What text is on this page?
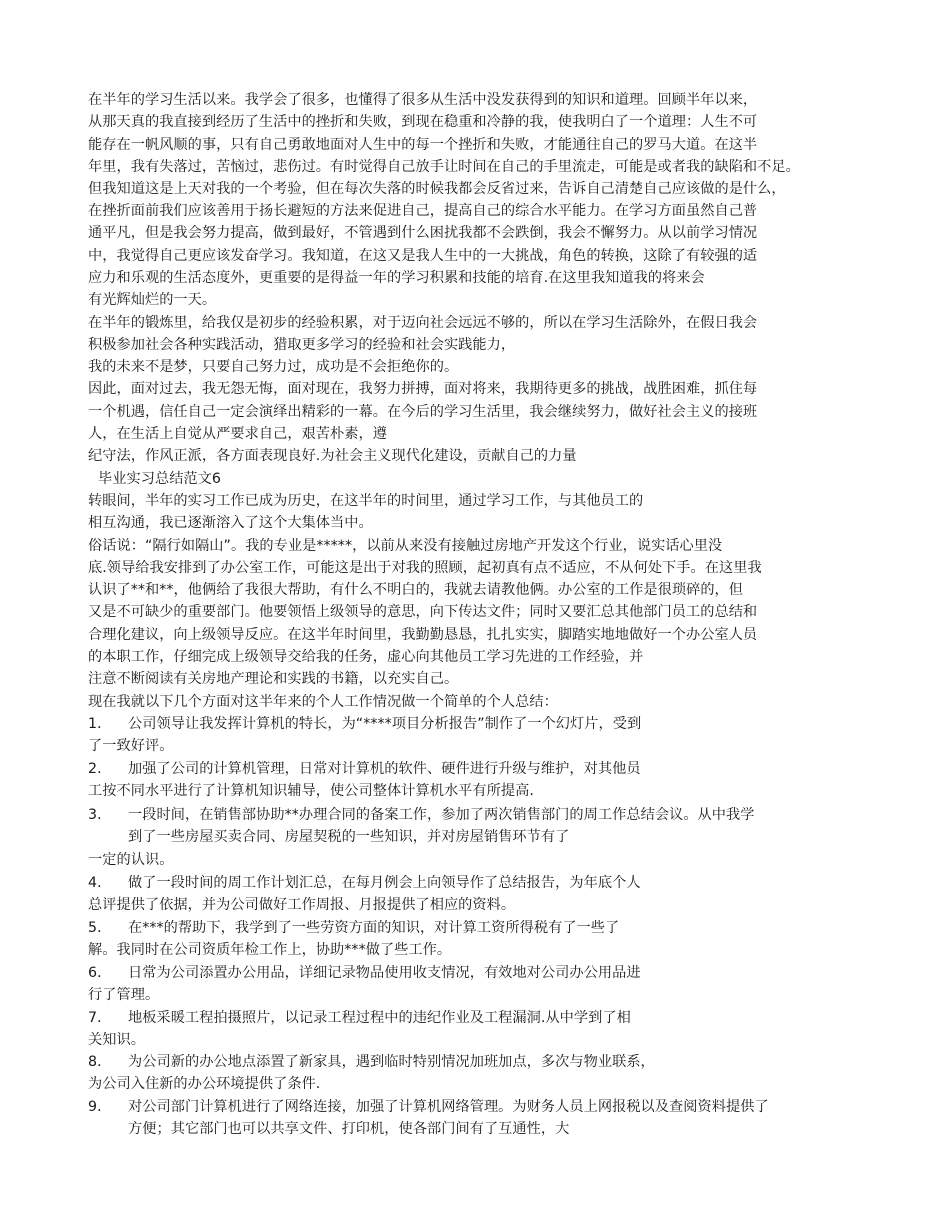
在半年的学习生活以来。我学会了很多，也懂得了很多从生活中没发获得到的知识和道理。回顾半年以来，
从那天真的我直接到经历了生活中的挫折和失败，到现在稳重和冷静的我，使我明白了一个道理：人生不可
能存在一帆风顺的事，只有自己勇敢地面对人生中的每一个挫折和失败，才能通往自己的罗马大道。在这半
年里，我有失落过，苦恼过，悲伤过。有时觉得自己放手让时间在自己的手里流走，可能是或者我的缺陷和不足。
但我知道这是上天对我的一个考验，但在每次失落的时候我都会反省过来，告诉自己清楚自己应该做的是什么，
在挫折面前我们应该善用于扬长避短的方法来促进自己，提高自己的综合水平能力。在学习方面虽然自己普
通平凡，但是我会努力提高，做到最好，不管遇到什么困扰我都不会跌倒，我会不懈努力。从以前学习情况
中，我觉得自己更应该发奋学习。我知道，在这又是我人生中的一大挑战，角色的转换，这除了有较强的适
应力和乐观的生活态度外，更重要的是得益一年的学习积累和技能的培育.在这里我知道我的将来会
有光辉灿烂的一天。
在半年的锻炼里，给我仅是初步的经验积累，对于迈向社会远远不够的，所以在学习生活除外，在假日我会
积极参加社会各种实践活动，猎取更多学习的经验和社会实践能力，
我的未来不是梦，只要自己努力过，成功是不会拒绝你的。
因此，面对过去，我无怨无悔，面对现在，我努力拼搏，面对将来，我期待更多的挑战，战胜困难，抓住每
一个机遇，信任自己一定会演绎出精彩的一幕。在今后的学习生活里，我会继续努力，做好社会主义的接班
人，在生活上自觉从严要求自己，艰苦朴素，遵
纪守法，作风正派，各方面表现良好.为社会主义现代化建设，贡献自己的力量
毕业实习总结范文6
转眼间，半年的实习工作已成为历史，在这半年的时间里，通过学习工作，与其他员工的
相互沟通，我已逐渐溶入了这个大集体当中。
俗话说：“隔行如隔山”。我的专业是*****，以前从来没有接触过房地产开发这个行业，说实话心里没
底.领导给我安排到了办公室工作，可能这是出于对我的照顾，起初真有点不适应，不从何处下手。在这里我
认识了**和**，他俩给了我很大帮助，有什么不明白的，我就去请教他俩。办公室的工作是很琐碎的，但
又是不可缺少的重要部门。他要领悟上级领导的意思，向下传达文件；同时又要汇总其他部门员工的总结和
合理化建议，向上级领导反应。在这半年时间里，我勤勤恳恳，扎扎实实，脚踏实地地做好一个办公室人员
的本职工作，仔细完成上级领导交给我的任务，虚心向其他员工学习先进的工作经验，并
注意不断阅读有关房地产理论和实践的书籍，以充实自己。
现在我就以下几个方面对这半年来的个人工作情况做一个简单的个人总结：
1． 公司领导让我发挥计算机的特长，为“****项目分析报告”制作了一个幻灯片，受到
了一致好评。
2． 加强了公司的计算机管理，日常对计算机的软件、硬件进行升级与维护，对其他员
工按不同水平进行了计算机知识辅导，使公司整体计算机水平有所提高.
3． 一段时间，在销售部协助**办理合同的备案工作，参加了两次销售部门的周工作总结会议。从中我学
到了一些房屋买卖合同、房屋契税的一些知识，并对房屋销售环节有了
一定的认识。
4． 做了一段时间的周工作计划汇总，在每月例会上向领导作了总结报告，为年底个人
总评提供了依据，并为公司做好工作周报、月报提供了相应的资料。
5． 在***的帮助下，我学到了一些劳资方面的知识，对计算工资所得税有了一些了
解。我同时在公司资质年检工作上，协助***做了些工作。
6． 日常为公司添置办公用品，详细记录物品使用收支情况，有效地对公司办公用品进
行了管理。
7． 地板采暖工程拍摄照片，以记录工程过程中的违纪作业及工程漏洞.从中学到了相
关知识。
8． 为公司新的办公地点添置了新家具，遇到临时特别情况加班加点，多次与物业联系，
为公司入住新的办公环境提供了条件.
9． 对公司部门计算机进行了网络连接，加强了计算机网络管理。为财务人员上网报税以及查阅资料提供了
方便；其它部门也可以共享文件、打印机，使各部门间有了互通性，大
